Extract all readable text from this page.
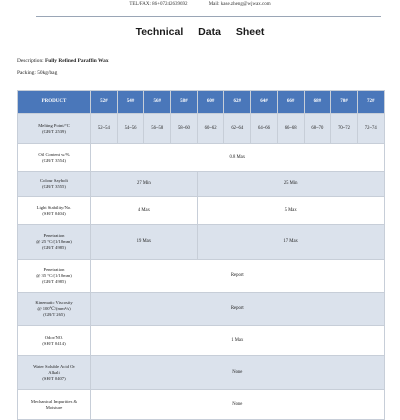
TEL/FAX: 86+07242639692	Mail: kase.zheng@wjwax.com
Technical Data Sheet
Description: Fully Refined Paraffin Wax
Packing: 50kg/bag
PRODUCT	52#	54#	56#	58#	60#	62#	64#	66#	68#	70#	72#

Melting Point/°C
(GB/T 2539)	52~54	54~56	56~58	58~60	60~62	62~64	64~66	66~68	68~70	70~72	72~74

Oil Content w/%
(GB/T 3554)	0.8 Max										

Colour Saybolt
(GB/T 3555)	27 Min				25 Min						

Light Stability/No.
(SH/T 0404)	4 Max				5 Max						

Penetration
@ 25 °C/(1/10mm)
(GB/T 4985)	19 Max				17 Max						

Penetration
@ 35 °C/(1/10mm)
(GB/T 4985)	Report										

Kinematic Viscosity
@ 100℃/(mm²/s)
(GB/T 265)	Report										

Odor/NO.
(SH/T 0414)	1 Max										

Water Soluble Acid Or
Alkali
(SH/T 0407)	None										

Mechanical Impurities &
Moisture	None										
